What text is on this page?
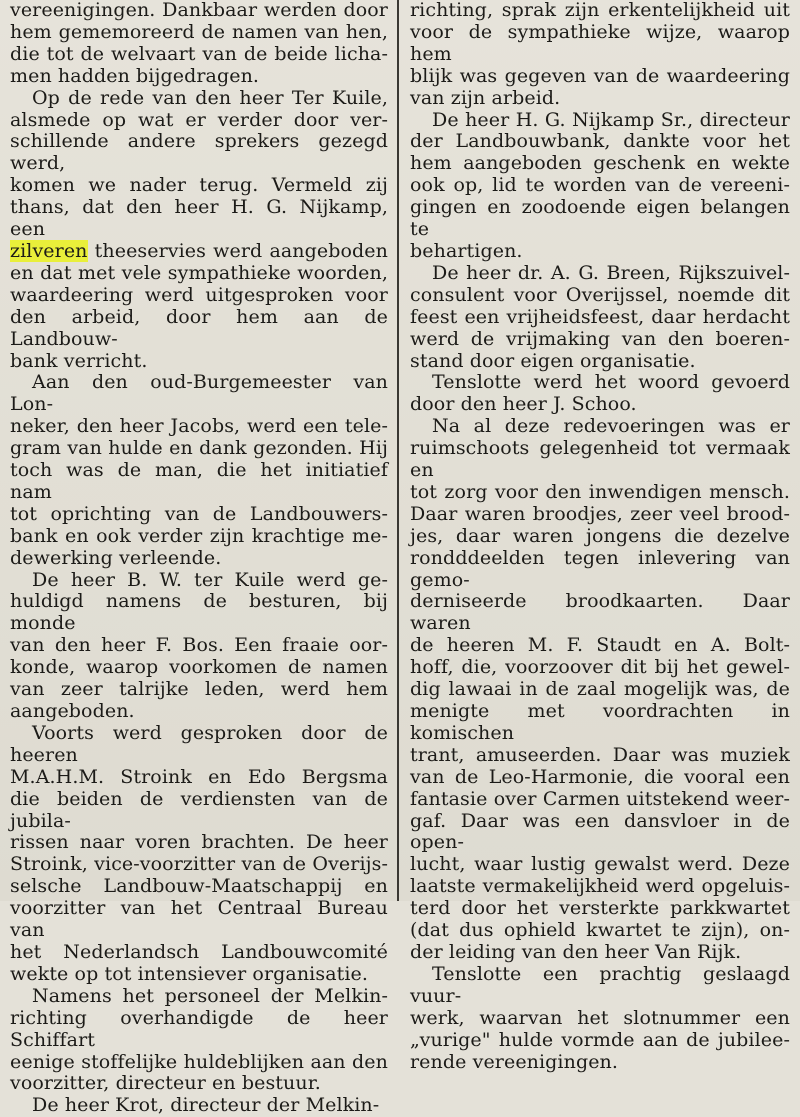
vereenigingen. Dankbaar werden door

hem gememoreerd de namen van hen,

die tot de welvaart van de beide licha-

men hadden bijgedragen.

Op de rede van den heer Ter Kuile,

alsmede op wat er verder door ver-

schillende andere sprekers gezegd werd,

komen we nader terug. Vermeld zij

thans, dat den heer H. G. Nijkamp, een

zilveren theeservies werd aangeboden

en dat met vele sympathieke woorden,

waardeering werd uitgesproken voor

den arbeid, door hem aan de Landbouw-

bank verricht.

Aan den oud-Burgemeester van Lon-

neker, den heer Jacobs, werd een tele-

gram van hulde en dank gezonden. Hij

toch was de man, die het initiatief nam

tot oprichting van de Landbouwers-

bank en ook verder zijn krachtige me-

dewerking verleende.

De heer B. W. ter Kuile werd ge-

huldigd namens de besturen, bij monde

van den heer F. Bos. Een fraaie oor-

konde, waarop voorkomen de namen

van zeer talrijke leden, werd hem

aangeboden.

Voorts werd gesproken door de heeren

M.A.H.M. Stroink en Edo Bergsma

die beiden de verdiensten van de jubila-

rissen naar voren brachten. De heer

Stroink, vice-voorzitter van de Overijs-

selsche Landbouw-Maatschappij en

voorzitter van het Centraal Bureau van

het Nederlandsch Landbouwcomité

wekte op tot intensiever organisatie.

Namens het personeel der Melkin-

richting overhandigde de heer Schiffart

eenige stoffelijke huldeblijken aan den

voorzitter, directeur en bestuur.

De heer Krot, directeur der Melkin-

richting, sprak zijn erkentelijkheid uit

voor de sympathieke wijze, waarop hem

blijk was gegeven van de waardeering

van zijn arbeid.

De heer H. G. Nijkamp Sr., directeur

der Landbouwbank, dankte voor het

hem aangeboden geschenk en wekte

ook op, lid te worden van de vereeni-

gingen en zoodoende eigen belangen te

behartigen.

De heer dr. A. G. Breen, Rijkszuivel-

consulent voor Overijssel, noemde dit

feest een vrijheidsfeest, daar herdacht

werd de vrijmaking van den boeren-

stand door eigen organisatie.

Tenslotte werd het woord gevoerd

door den heer J. Schoo.

Na al deze redevoeringen was er

ruimschoots gelegenheid tot vermaak en

tot zorg voor den inwendigen mensch.

Daar waren broodjes, zeer veel brood-

jes, daar waren jongens die dezelve

rondddeelden tegen inlevering van gemo-

derniseerde broodkaarten. Daar waren

de heeren M. F. Staudt en A. Bolt-

hoff, die, voorzoover dit bij het gewel-

dig lawaai in de zaal mogelijk was, de

menigte met voordrachten in komischen

trant, amuseerden. Daar was muziek

van de Leo-Harmonie, die vooral een

fantasie over Carmen uitstekend weer-

gaf. Daar was een dansvloer in de open-

lucht, waar lustig gewalst werd. Deze

laatste vermakelijkheid werd opgeluis-

terd door het versterkte parkkwartet

(dat dus ophield kwartet te zijn), on-

der leiding van den heer Van Rijk.

Tenslotte een prachtig geslaagd vuur-

werk, waarvan het slotnummer een

„vurige" hulde vormde aan de jubilee-

rende vereenigingen.
